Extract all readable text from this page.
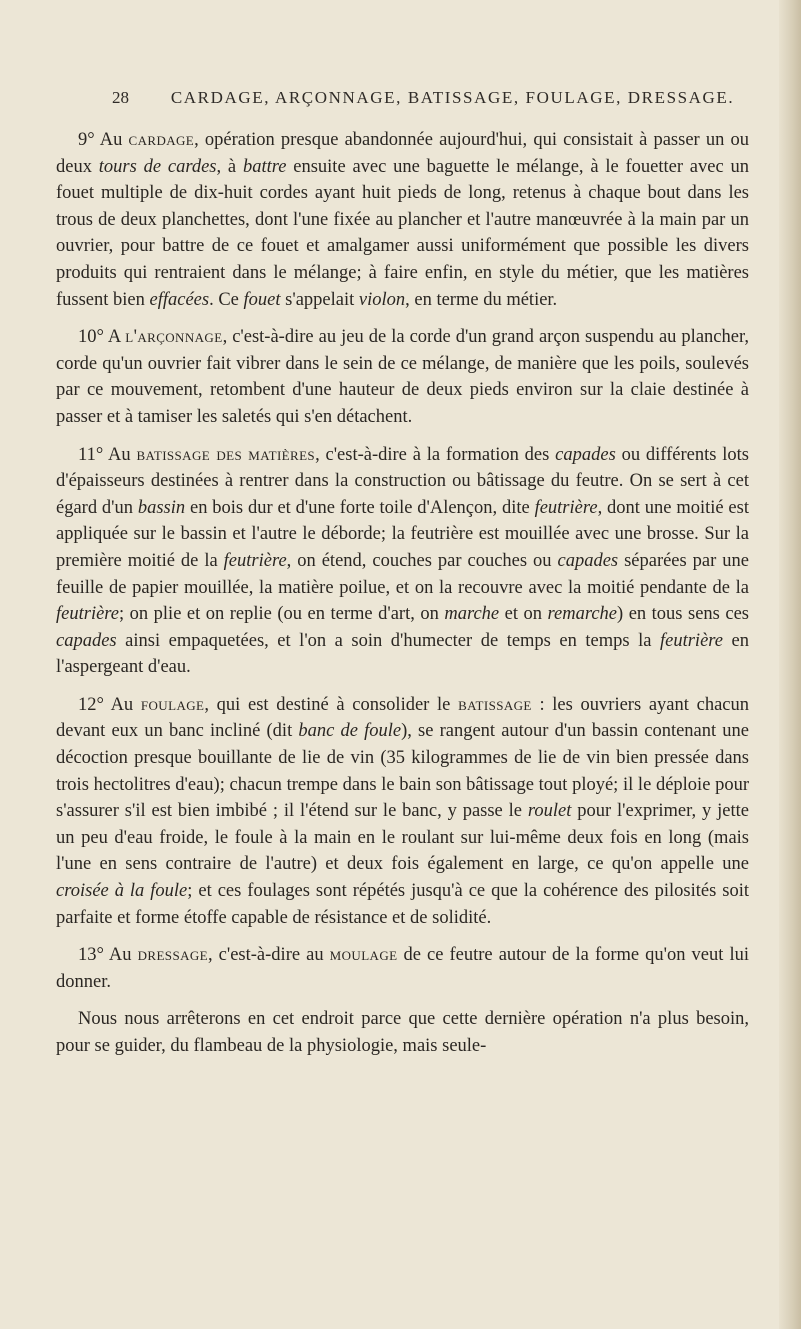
28 CARDAGE, ARÇONNAGE, BATISSAGE, FOULAGE, DRESSAGE.

9° Au cardage, opération presque abandonnée aujourd'hui, qui consistait à passer un ou deux tours de cardes, à battre ensuite avec une baguette le mélange, à le fouetter avec un fouet multiple de dix-huit cordes ayant huit pieds de long, retenus à chaque bout dans les trous de deux planchettes, dont l'une fixée au plancher et l'autre manœuvrée à la main par un ouvrier, pour battre de ce fouet et amalgamer aussi uniformément que possible les divers produits qui rentraient dans le mélange; à faire enfin, en style du métier, que les matières fussent bien effacées. Ce fouet s'appelait violon, en terme du métier.

10° A l'arçonnage, c'est-à-dire au jeu de la corde d'un grand arçon suspendu au plancher, corde qu'un ouvrier fait vibrer dans le sein de ce mélange, de manière que les poils, soulevés par ce mouvement, retombent d'une hauteur de deux pieds environ sur la claie destinée à passer et à tamiser les saletés qui s'en détachent.

11° Au batissage des matières, c'est-à-dire à la formation des capades ou différents lots d'épaisseurs destinées à rentrer dans la construction ou bâtissage du feutre. On se sert à cet égard d'un bassin en bois dur et d'une forte toile d'Alençon, dite feutrière, dont une moitié est appliquée sur le bassin et l'autre le déborde; la feutrière est mouillée avec une brosse. Sur la première moitié de la feutrière, on étend, couches par couches ou capades séparées par une feuille de papier mouillée, la matière poilue, et on la recouvre avec la moitié pendante de la feutrière; on plie et on replie (ou en terme d'art, on marche et on remarche) en tous sens ces capades ainsi empaquetées, et l'on a soin d'humecter de temps en temps la feutrière en l'aspergeant d'eau.

12° Au foulage, qui est destiné à consolider le batissage : les ouvriers ayant chacun devant eux un banc incliné (dit banc de foule), se rangent autour d'un bassin contenant une décoction presque bouillante de lie de vin (35 kilogrammes de lie de vin bien pressée dans trois hectolitres d'eau); chacun trempe dans le bain son bâtissage tout ployé; il le déploie pour s'assurer s'il est bien imbibé ; il l'étend sur le banc, y passe le roulet pour l'exprimer, y jette un peu d'eau froide, le foule à la main en le roulant sur lui-même deux fois en long (mais l'une en sens contraire de l'autre) et deux fois également en large, ce qu'on appelle une croisée à la foule; et ces foulages sont répétés jusqu'à ce que la cohérence des pilosités soit parfaite et forme étoffe capable de résistance et de solidité.

13° Au dressage, c'est-à-dire au moulage de ce feutre autour de la forme qu'on veut lui donner.

Nous nous arrêterons en cet endroit parce que cette dernière opération n'a plus besoin, pour se guider, du flambeau de la physiologie, mais seule-
